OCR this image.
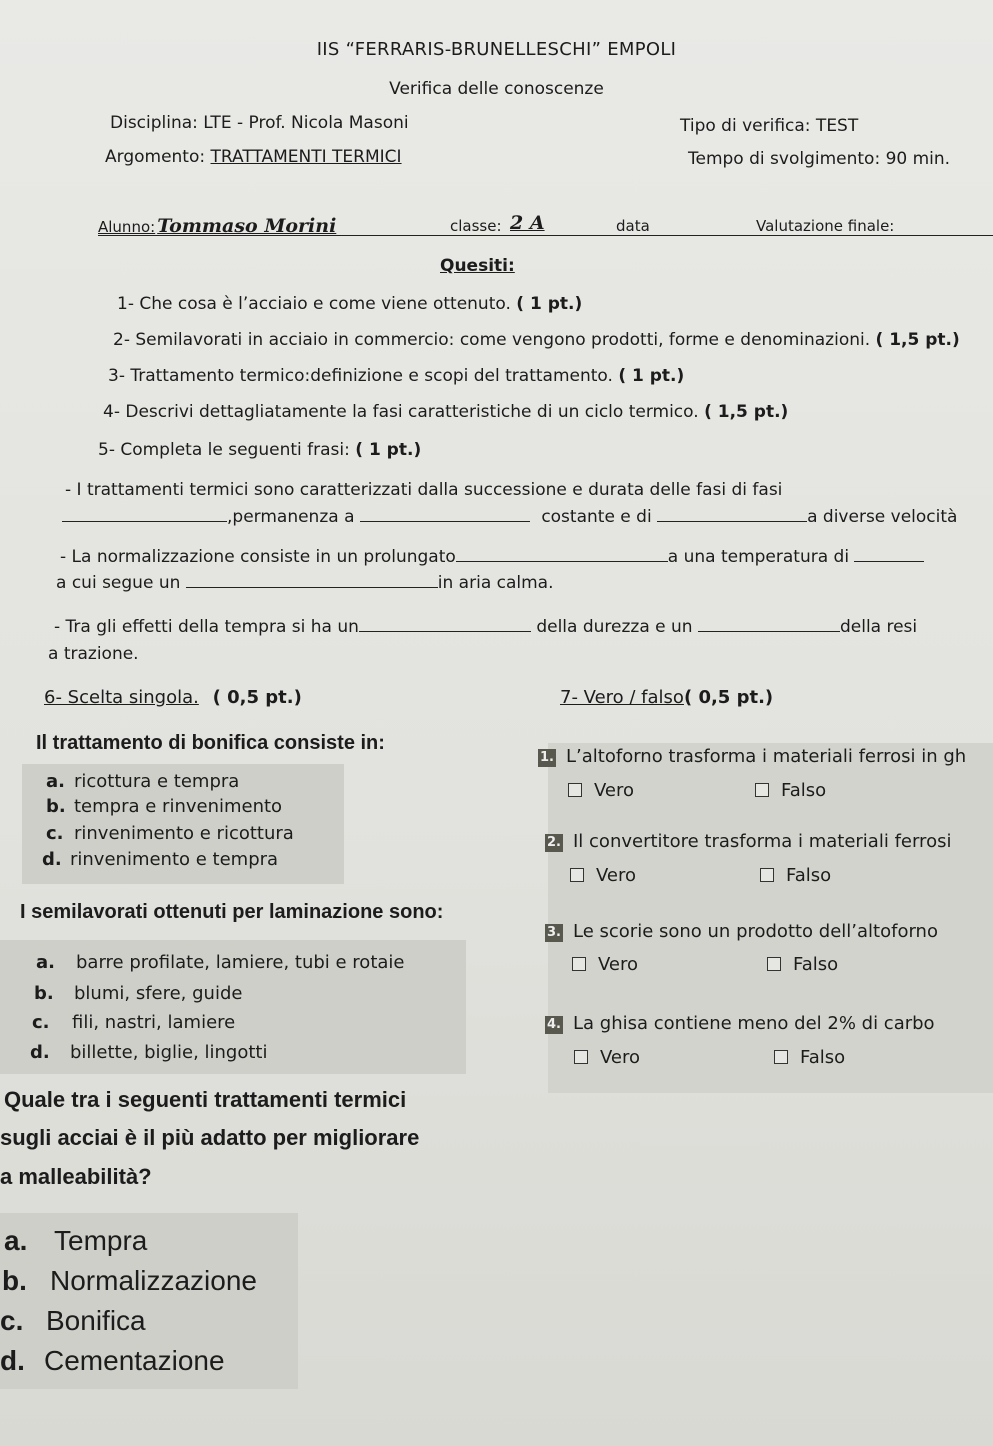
IIS “FERRARIS-BRUNELLESCHI” EMPOLI
Verifica delle conoscenze
Disciplina: LTE - Prof. Nicola Masoni	Tipo di verifica: TEST
Argomento: TRATTAMENTI TERMICI	Tempo di svolgimento: 90 min.
Alunno: Tommaso Morini	classe: 2 A	data	Valutazione finale:
Quesiti:
1- Che cosa è l’acciaio e come viene ottenuto. ( 1 pt.)
2- Semilavorati in acciaio in commercio: come vengono prodotti, forme e denominazioni. ( 1,5 pt.)
3- Trattamento termico:definizione e scopi del trattamento. ( 1 pt.)
4- Descrivi dettagliatamente la fasi caratteristiche di un ciclo termico. ( 1,5 pt.)
5- Completa le seguenti frasi: ( 1 pt.)
- I trattamenti termici sono caratterizzati dalla successione e durata delle fasi di fasi
,permanenza a	costante e di	a diverse velocità
- La normalizzazione consiste in un prolungato	a una temperatura di
a cui segue un	in aria calma.
- Tra gli effetti della tempra si ha un	della durezza e un	della resi
a trazione.
6- Scelta singola. ( 0,5 pt.)	7- Vero / falso( 0,5 pt.)
Il trattamento di bonifica consiste in:
a. ricottura e tempra
b. tempra e rinvenimento
c. rinvenimento e ricottura
d. rinvenimento e tempra
I semilavorati ottenuti per laminazione sono:
a. barre profilate, lamiere, tubi e rotaie
b. blumi, sfere, guide
c. fili, nastri, lamiere
d. billette, biglie, lingotti
1. L’altoforno trasforma i materiali ferrosi in gh
Vero	Falso
2. Il convertitore trasforma i materiali ferrosi
Vero	Falso
3. Le scorie sono un prodotto dell’altoforno
Vero	Falso
4. La ghisa contiene meno del 2% di carbo
Vero	Falso
Quale tra i seguenti trattamenti termici
sugli acciai è il più adatto per migliorare
a malleabilità?
a. Tempra
b. Normalizzazione
c. Bonifica
d. Cementazione
